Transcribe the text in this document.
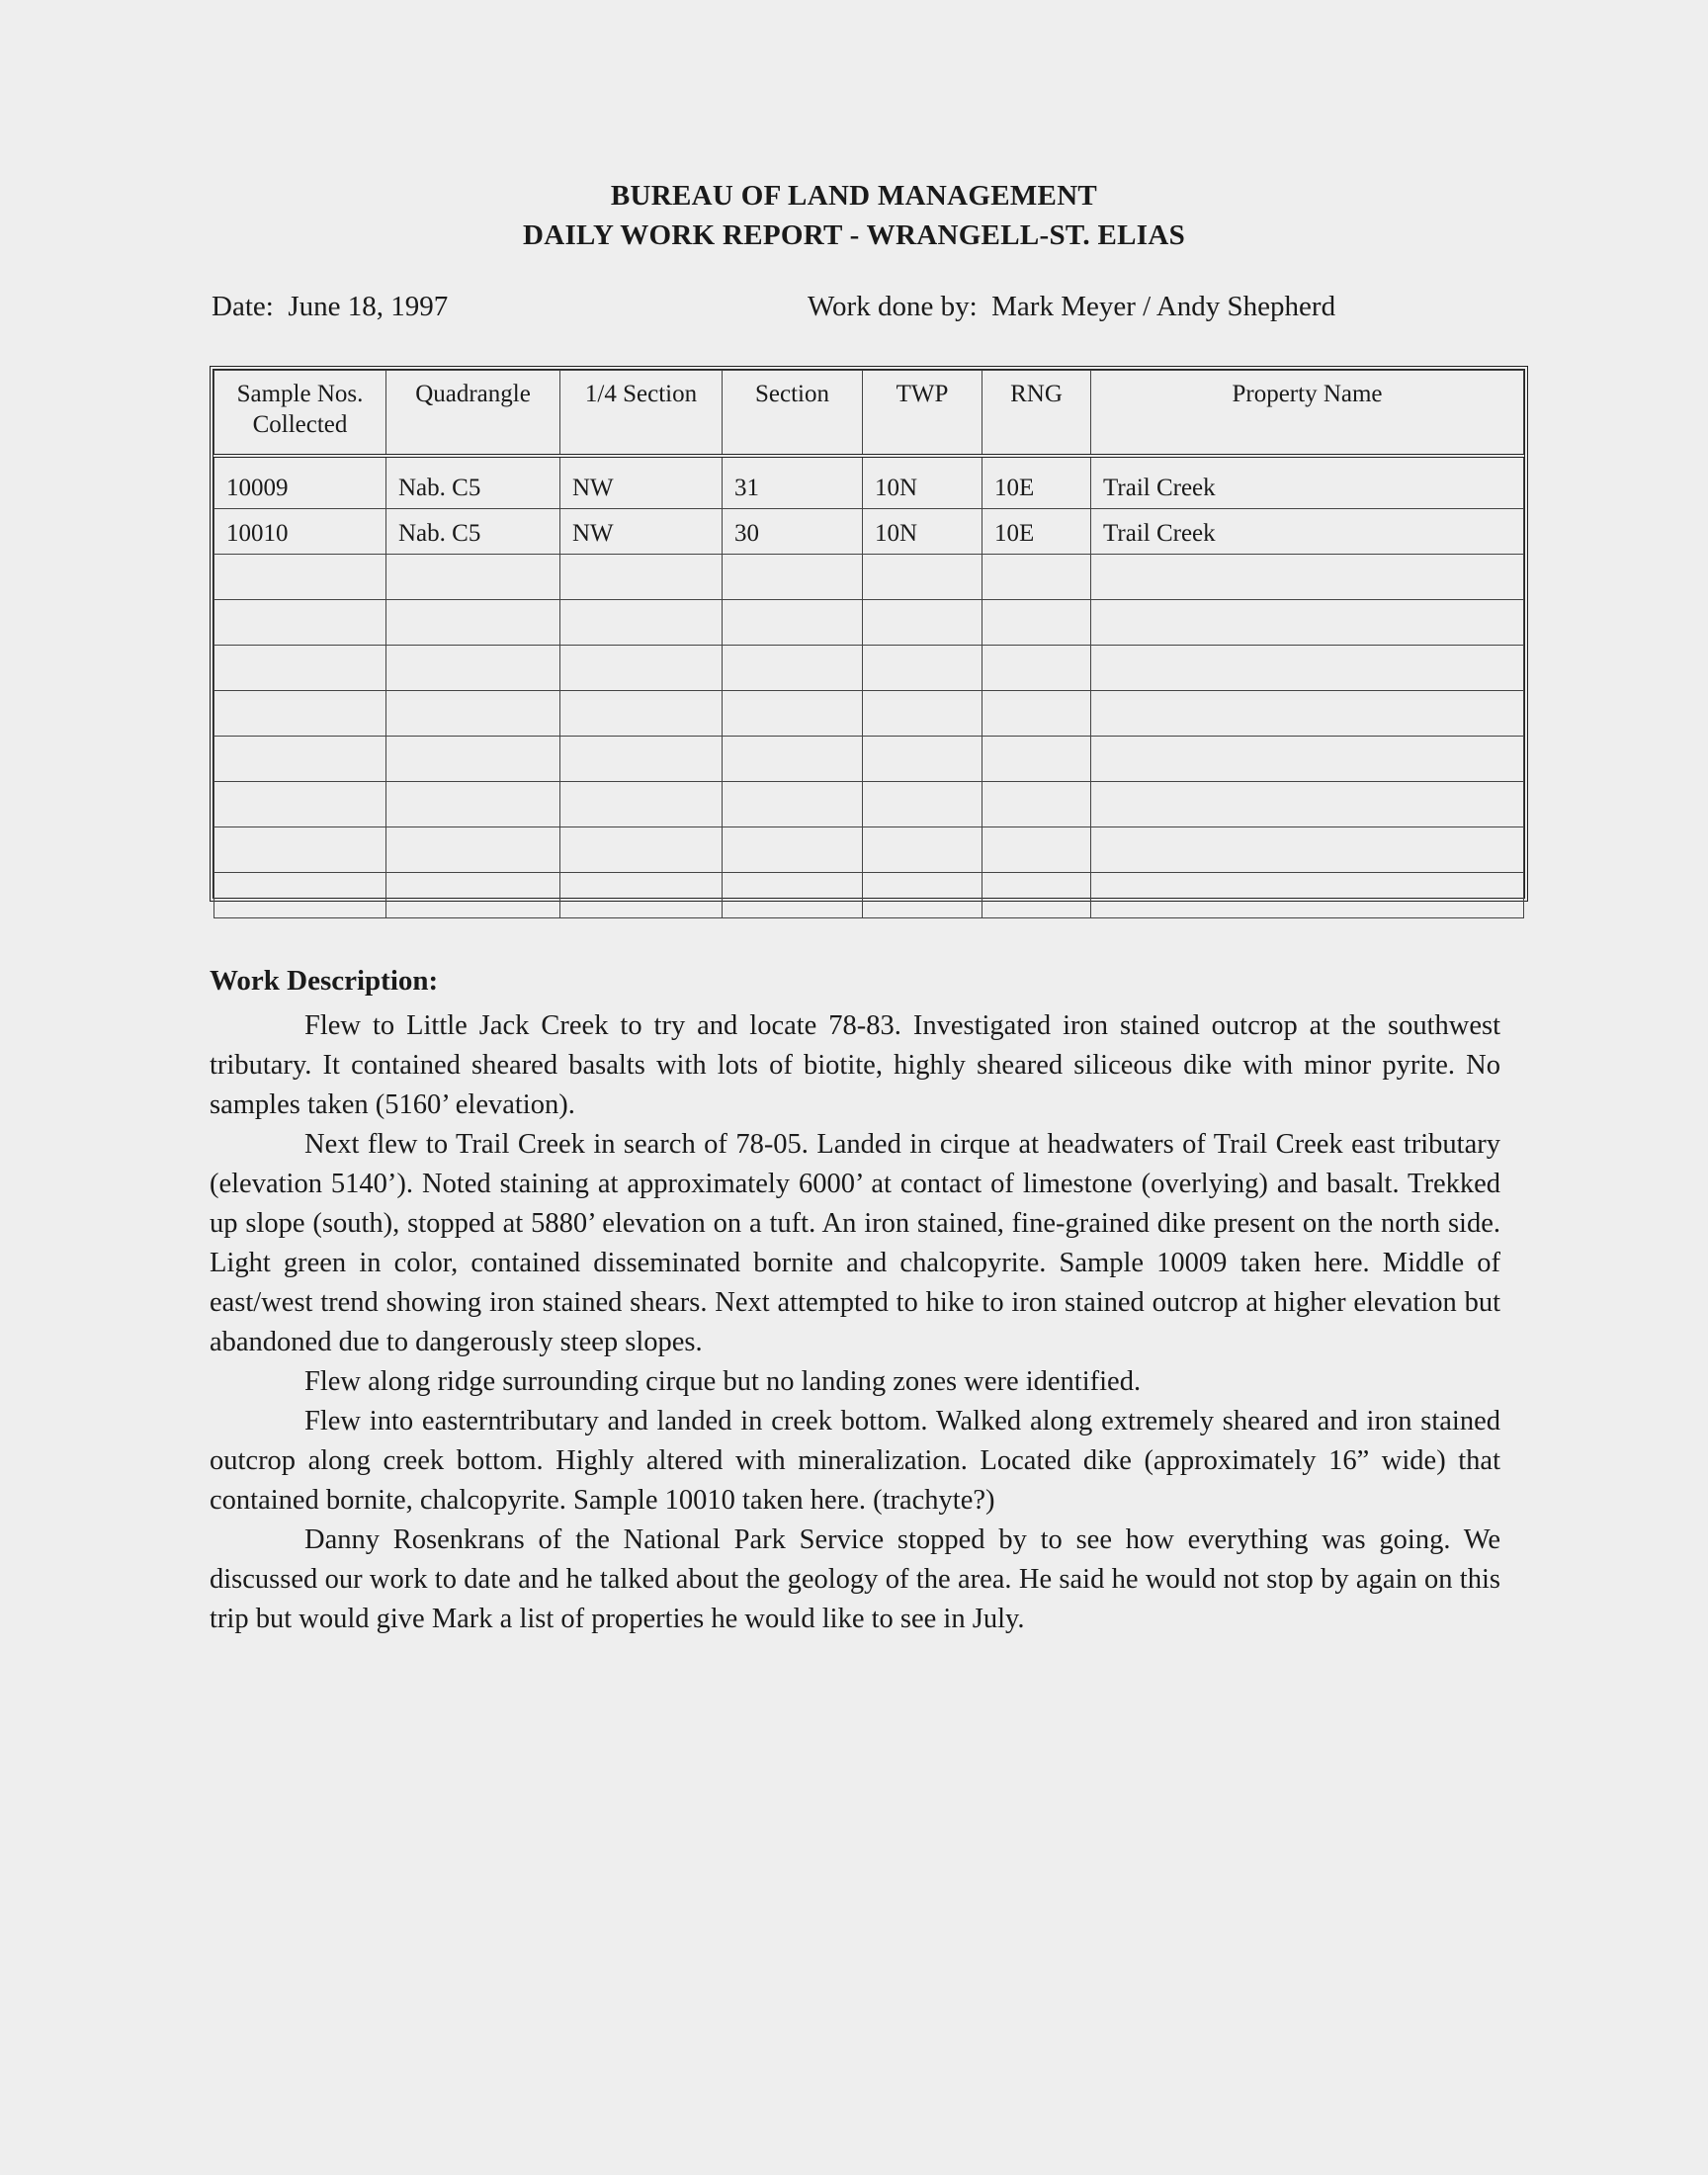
BUREAU OF LAND MANAGEMENT
DAILY WORK REPORT - WRANGELL-ST. ELIAS
Date: June 18, 1997	Work done by: Mark Meyer / Andy Shepherd
Sample Nos. Collected	Quadrangle	1/4 Section	Section	TWP	RNG	Property Name
10009	Nab. C5	NW	31	10N	10E	Trail Creek
10010	Nab. C5	NW	30	10N	10E	Trail Creek

Work Description:

Flew to Little Jack Creek to try and locate 78-83. Investigated iron stained outcrop at the southwest tributary. It contained sheared basalts with lots of biotite, highly sheared siliceous dike with minor pyrite. No samples taken (5160’ elevation).

Next flew to Trail Creek in search of 78-05. Landed in cirque at headwaters of Trail Creek east tributary (elevation 5140’). Noted staining at approximately 6000’ at contact of limestone (overlying) and basalt. Trekked up slope (south), stopped at 5880’ elevation on a tuft. An iron stained, fine-grained dike present on the north side. Light green in color, contained disseminated bornite and chalcopyrite. Sample 10009 taken here. Middle of east/west trend showing iron stained shears. Next attempted to hike to iron stained outcrop at higher elevation but abandoned due to dangerously steep slopes.

Flew along ridge surrounding cirque but no landing zones were identified.

Flew into easterntributary and landed in creek bottom. Walked along extremely sheared and iron stained outcrop along creek bottom. Highly altered with mineralization. Located dike (approximately 16” wide) that contained bornite, chalcopyrite. Sample 10010 taken here. (trachyte?)

Danny Rosenkrans of the National Park Service stopped by to see how everything was going. We discussed our work to date and he talked about the geology of the area. He said he would not stop by again on this trip but would give Mark a list of properties he would like to see in July.
